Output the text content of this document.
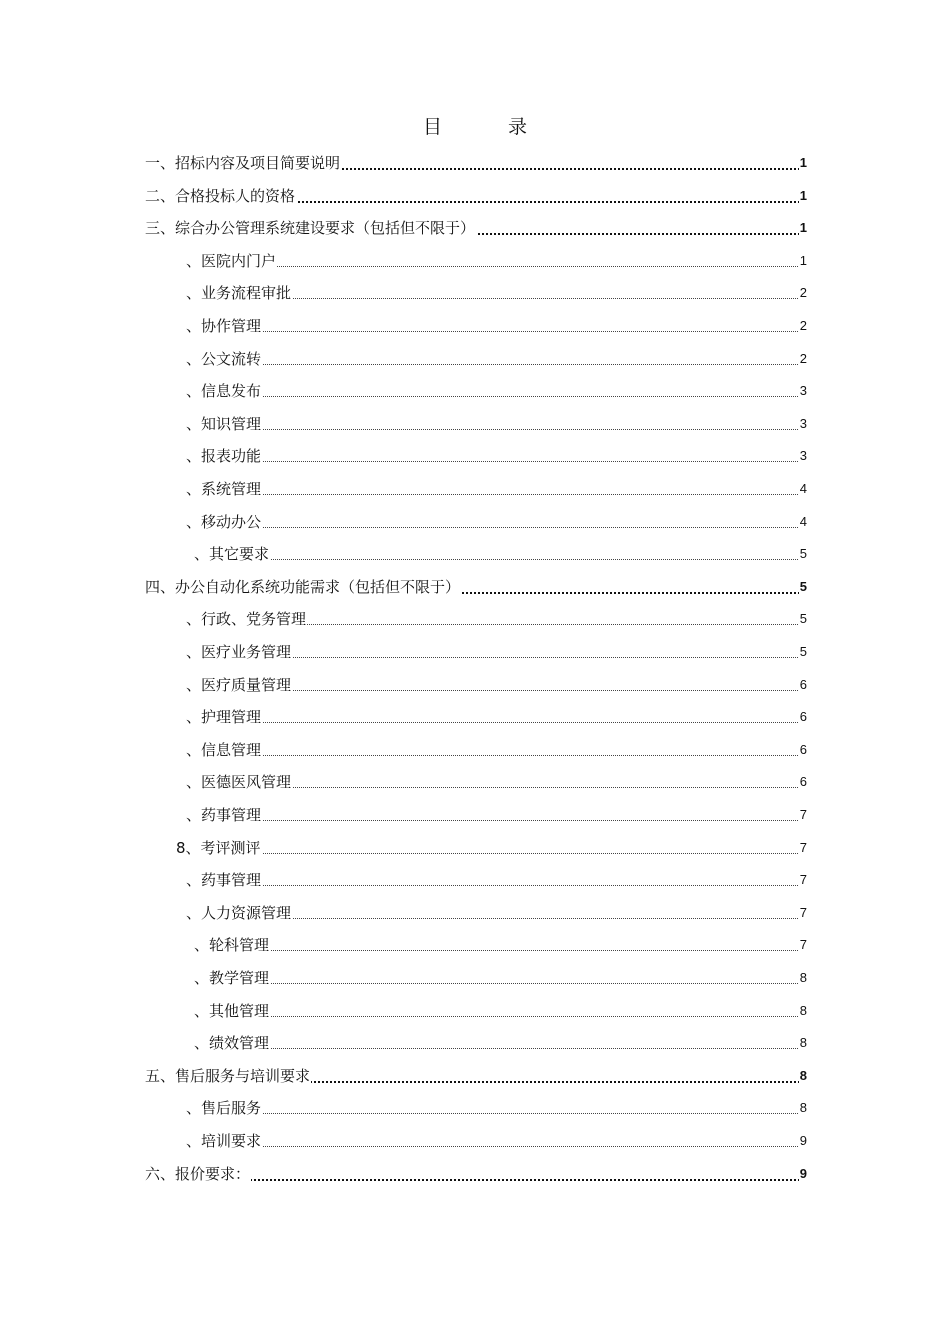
目 录
一、招标内容及项目简要说明	1
二、合格投标人的资格	1
三、综合办公管理系统建设要求（包括但不限于）	1
、医院内门户	1
、业务流程审批	2
、协作管理	2
、公文流转	2
、信息发布	3
、知识管理	3
、报表功能	3
、系统管理	4
、移动办公	4
、其它要求	5
四、办公自动化系统功能需求（包括但不限于）	5
、行政、党务管理	5
、医疗业务管理	5
、医疗质量管理	6
、护理管理	6
、信息管理	6
、医德医风管理	6
、药事管理	7
8、考评测评	7
、药事管理	7
、人力资源管理	7
、轮科管理	7
、教学管理	8
、其他管理	8
、绩效管理	8
五、售后服务与培训要求	8
、售后服务	8
、培训要求	9
六、报价要求：	9
